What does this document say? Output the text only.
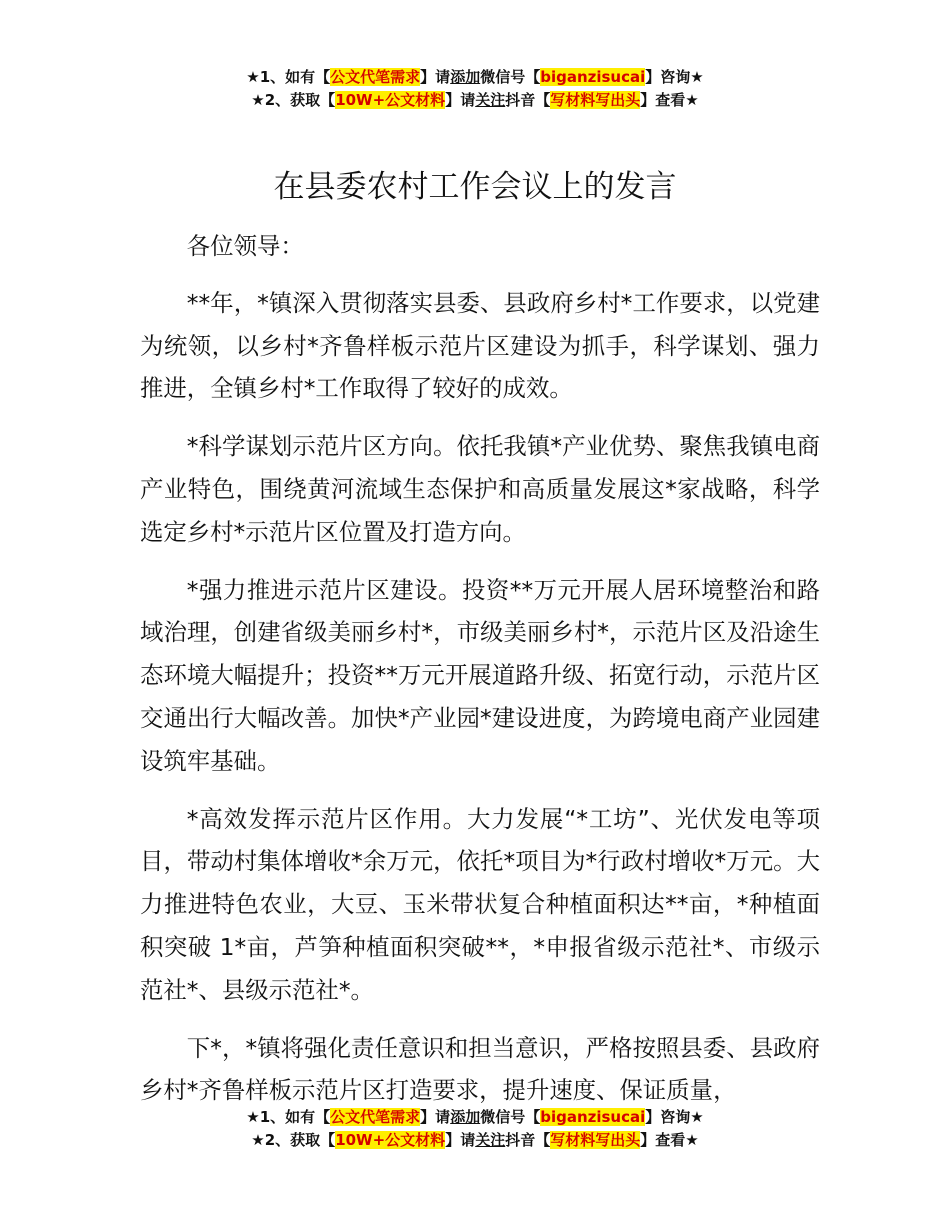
★1、如有【公文代笔需求】请添加微信号【biganzisucai】咨询★
★2、获取【10W+公文材料】请关注抖音【写材料写出头】查看★
在县委农村工作会议上的发言

各位领导：

**年，*镇深入贯彻落实县委、县政府乡村*工作要求，以党建为统领，以乡村*齐鲁样板示范片区建设为抓手，科学谋划、强力推进，全镇乡村*工作取得了较好的成效。

*科学谋划示范片区方向。依托我镇*产业优势、聚焦我镇电商产业特色，围绕黄河流域生态保护和高质量发展这*家战略，科学选定乡村*示范片区位置及打造方向。

*强力推进示范片区建设。投资**万元开展人居环境整治和路域治理，创建省级美丽乡村*，市级美丽乡村*，示范片区及沿途生态环境大幅提升；投资**万元开展道路升级、拓宽行动，示范片区交通出行大幅改善。加快*产业园*建设进度，为跨境电商产业园建设筑牢基础。

*高效发挥示范片区作用。大力发展“*工坊”、光伏发电等项目，带动村集体增收*余万元，依托*项目为*行政村增收*万元。大力推进特色农业，大豆、玉米带状复合种植面积达**亩，*种植面积突破 1*亩，芦笋种植面积突破**，*申报省级示范社*、市级示范社*、县级示范社*。

下*，*镇将强化责任意识和担当意识，严格按照县委、县政府乡村*齐鲁样板示范片区打造要求，提升速度、保证质量，

★1、如有【公文代笔需求】请添加微信号【biganzisucai】咨询★
★2、获取【10W+公文材料】请关注抖音【写材料写出头】查看★
